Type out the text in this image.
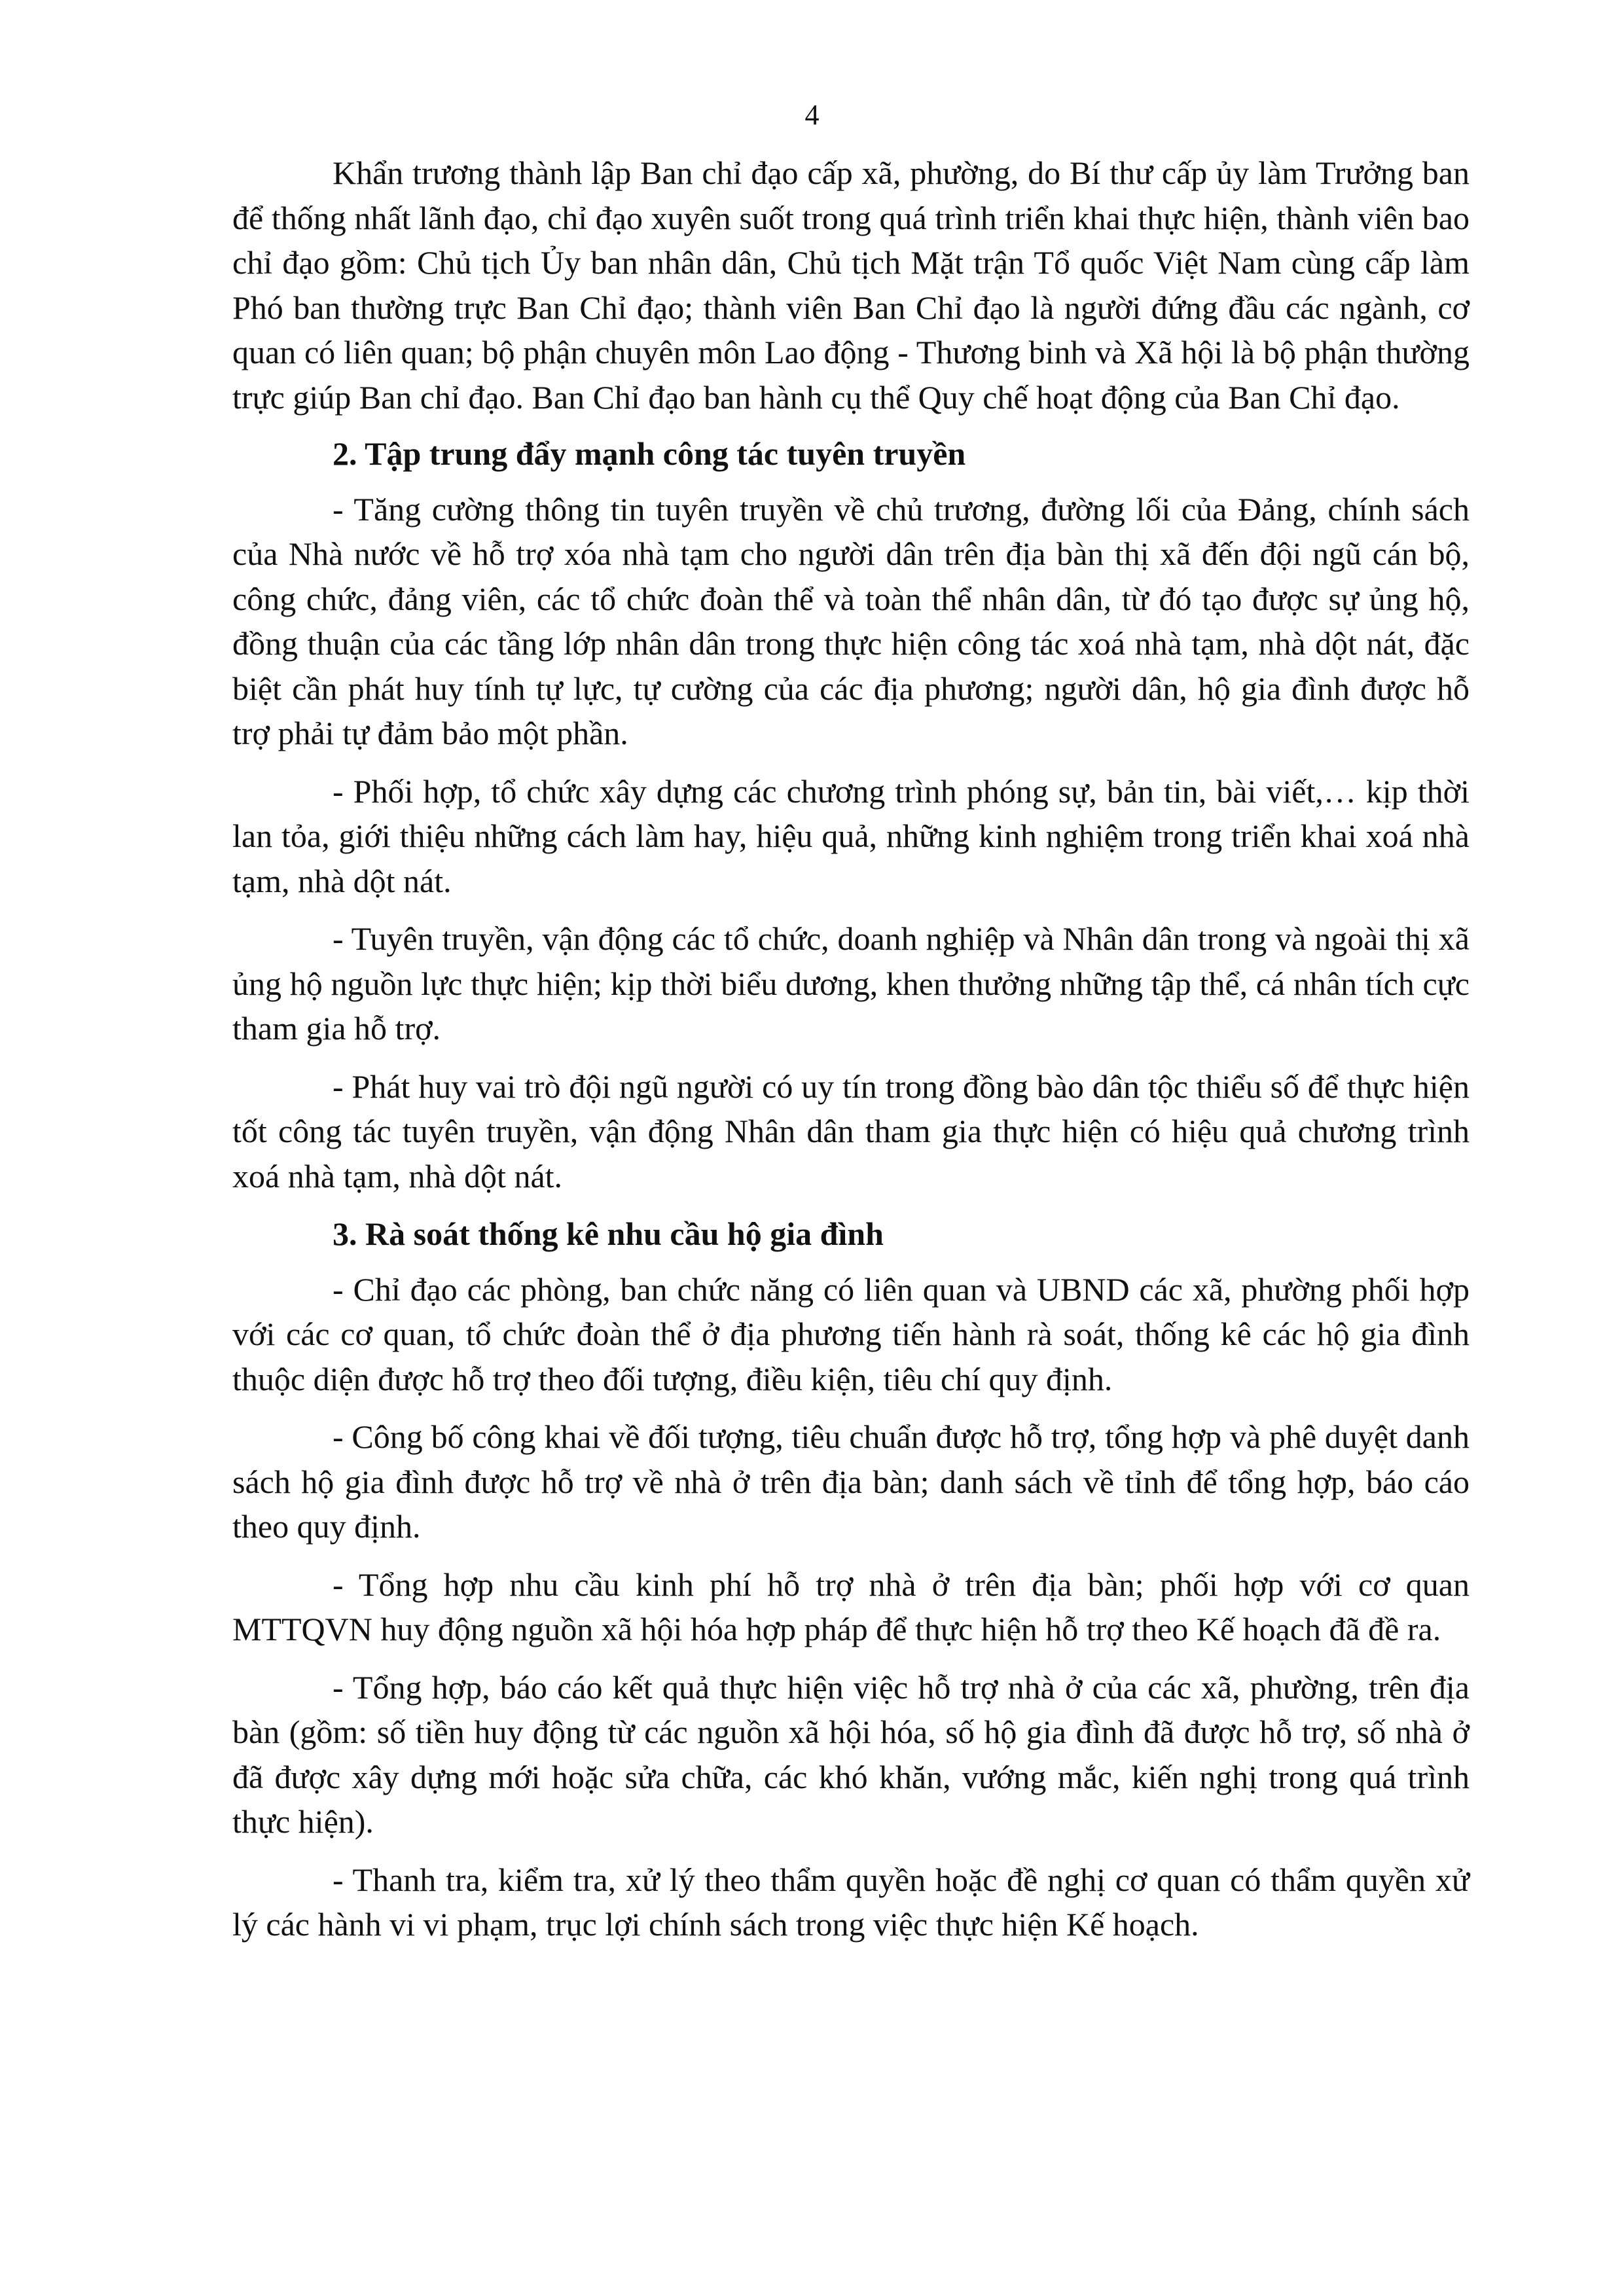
4

Khẩn trương thành lập Ban chỉ đạo cấp xã, phường, do Bí thư cấp ủy làm Trưởng ban để thống nhất lãnh đạo, chỉ đạo xuyên suốt trong quá trình triển khai thực hiện, thành viên bao chỉ đạo gồm: Chủ tịch Ủy ban nhân dân, Chủ tịch Mặt trận Tổ quốc Việt Nam cùng cấp làm Phó ban thường trực Ban Chỉ đạo; thành viên Ban Chỉ đạo là người đứng đầu các ngành, cơ quan có liên quan; bộ phận chuyên môn Lao động - Thương binh và Xã hội là bộ phận thường trực giúp Ban chỉ đạo. Ban Chỉ đạo ban hành cụ thể Quy chế hoạt động của Ban Chỉ đạo.

2. Tập trung đẩy mạnh công tác tuyên truyền

- Tăng cường thông tin tuyên truyền về chủ trương, đường lối của Đảng, chính sách của Nhà nước về hỗ trợ xóa nhà tạm cho người dân trên địa bàn thị xã đến đội ngũ cán bộ, công chức, đảng viên, các tổ chức đoàn thể và toàn thể nhân dân, từ đó tạo được sự ủng hộ, đồng thuận của các tầng lớp nhân dân trong thực hiện công tác xoá nhà tạm, nhà dột nát, đặc biệt cần phát huy tính tự lực, tự cường của các địa phương; người dân, hộ gia đình được hỗ trợ phải tự đảm bảo một phần.

- Phối hợp, tổ chức xây dựng các chương trình phóng sự, bản tin, bài viết,… kịp thời lan tỏa, giới thiệu những cách làm hay, hiệu quả, những kinh nghiệm trong triển khai xoá nhà tạm, nhà dột nát.

- Tuyên truyền, vận động các tổ chức, doanh nghiệp và Nhân dân trong và ngoài thị xã ủng hộ nguồn lực thực hiện; kịp thời biểu dương, khen thưởng những tập thể, cá nhân tích cực tham gia hỗ trợ.

- Phát huy vai trò đội ngũ người có uy tín trong đồng bào dân tộc thiểu số để thực hiện tốt công tác tuyên truyền, vận động Nhân dân tham gia thực hiện có hiệu quả chương trình xoá nhà tạm, nhà dột nát.

3. Rà soát thống kê nhu cầu hộ gia đình

- Chỉ đạo các phòng, ban chức năng có liên quan và UBND các xã, phường phối hợp với các cơ quan, tổ chức đoàn thể ở địa phương tiến hành rà soát, thống kê các hộ gia đình thuộc diện được hỗ trợ theo đối tượng, điều kiện, tiêu chí quy định.

- Công bố công khai về đối tượng, tiêu chuẩn được hỗ trợ, tổng hợp và phê duyệt danh sách hộ gia đình được hỗ trợ về nhà ở trên địa bàn; danh sách về tỉnh để tổng hợp, báo cáo theo quy định.

- Tổng hợp nhu cầu kinh phí hỗ trợ nhà ở trên địa bàn; phối hợp với cơ quan MTTQVN huy động nguồn xã hội hóa hợp pháp để thực hiện hỗ trợ theo Kế hoạch đã đề ra.

- Tổng hợp, báo cáo kết quả thực hiện việc hỗ trợ nhà ở của các xã, phường, trên địa bàn (gồm: số tiền huy động từ các nguồn xã hội hóa, số hộ gia đình đã được hỗ trợ, số nhà ở đã được xây dựng mới hoặc sửa chữa, các khó khăn, vướng mắc, kiến nghị trong quá trình thực hiện).

- Thanh tra, kiểm tra, xử lý theo thẩm quyền hoặc đề nghị cơ quan có thẩm quyền xử lý các hành vi vi phạm, trục lợi chính sách trong việc thực hiện Kế hoạch.
